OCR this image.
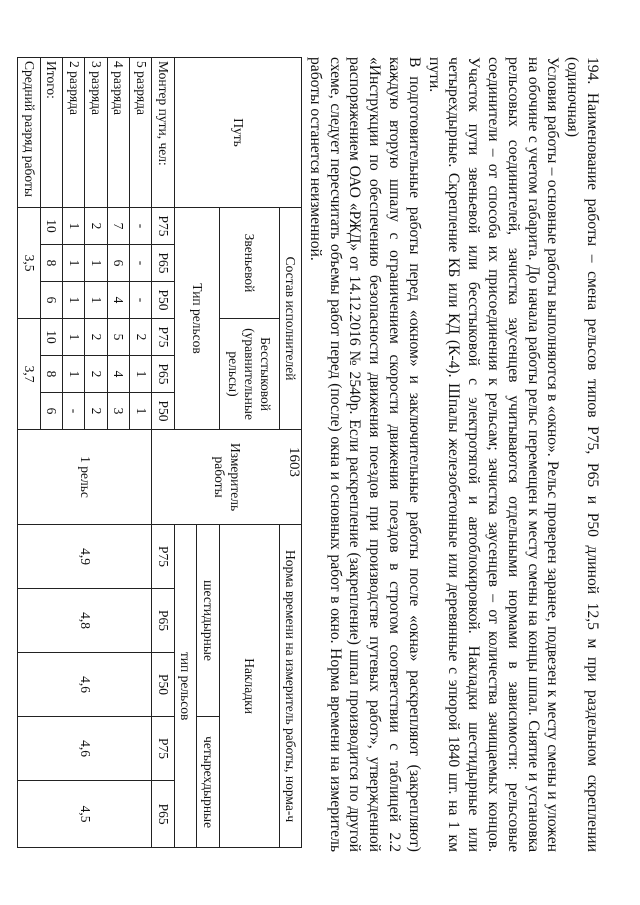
1603	194. Наименование работы – смена рельсов типов Р75, Р65 и Р50 длиной 12,5 м при раздельном скреплении (одиночная)

Условия работы – основные работы выполняются в «окно». Рельс проверен заранее, подвезен к месту смены и уложен на обочине с учетом габарита. До начала работы рельс перемещен к месту смены на концы шпал. Снятие и установка рельсовых соединителей, зачистка заусенцев учитываются отдельными нормами в зависимости: рельсовые соединители – от способа их присоединения к рельсам; зачистка заусенцев – от количества зачищаемых концов. Участок пути звеньевой или бесстыковой с электротягой и автоблокировкой. Накладки шестидырные или четырехдырные. Скрепление КБ или КД (К-4). Шпалы железобетонные или деревянные с эпюрой 1840 шт. на 1 км пути.

В подготовительные работы перед «окном» и заключительные работы после «окна» раскрепляют (закрепляют) каждую вторую шпалу с ограничением скорости движения поездов в строгом соответствии с таблицей 2.2 «Инструкции по обеспечению безопасности движения поездов при производстве путевых работ», утвержденной распоряжением ОАО «РЖД» от 14.12.2016 № 2540р. Если раскрепление (закрепление) шпал производится по другой схеме, следует пересчитать объемы работ перед (после) окна и основных работ в окно. Норма времени на измеритель работы останется неизменной.

Путь	Состав исполнителей						Измеритель работы	Норма времени на измеритель работы, норма-ч				
	Звеньевой			Бесстыковой (уравнительные рельсы)				Накладки				
	Тип рельсов							шестидырные			четырехдырные	
								тип рельсов				
Монтер пути, чел:	Р75	Р65	Р50	Р75	Р65	Р50		Р75	Р65	Р50	Р75	Р65
5 разряда	-	-	-	2	1	1	1 рельс	4,9	4,8	4,6	4,6	4,5
4 разряда	7	6	4	5	4	3						
3 разряда	2	1	1	2	2	2						
2 разряда	1	1	1	1	1	-						
Итого:	10	8	6	10	8	6						
Средний разряд работы	3,5			3,7								
